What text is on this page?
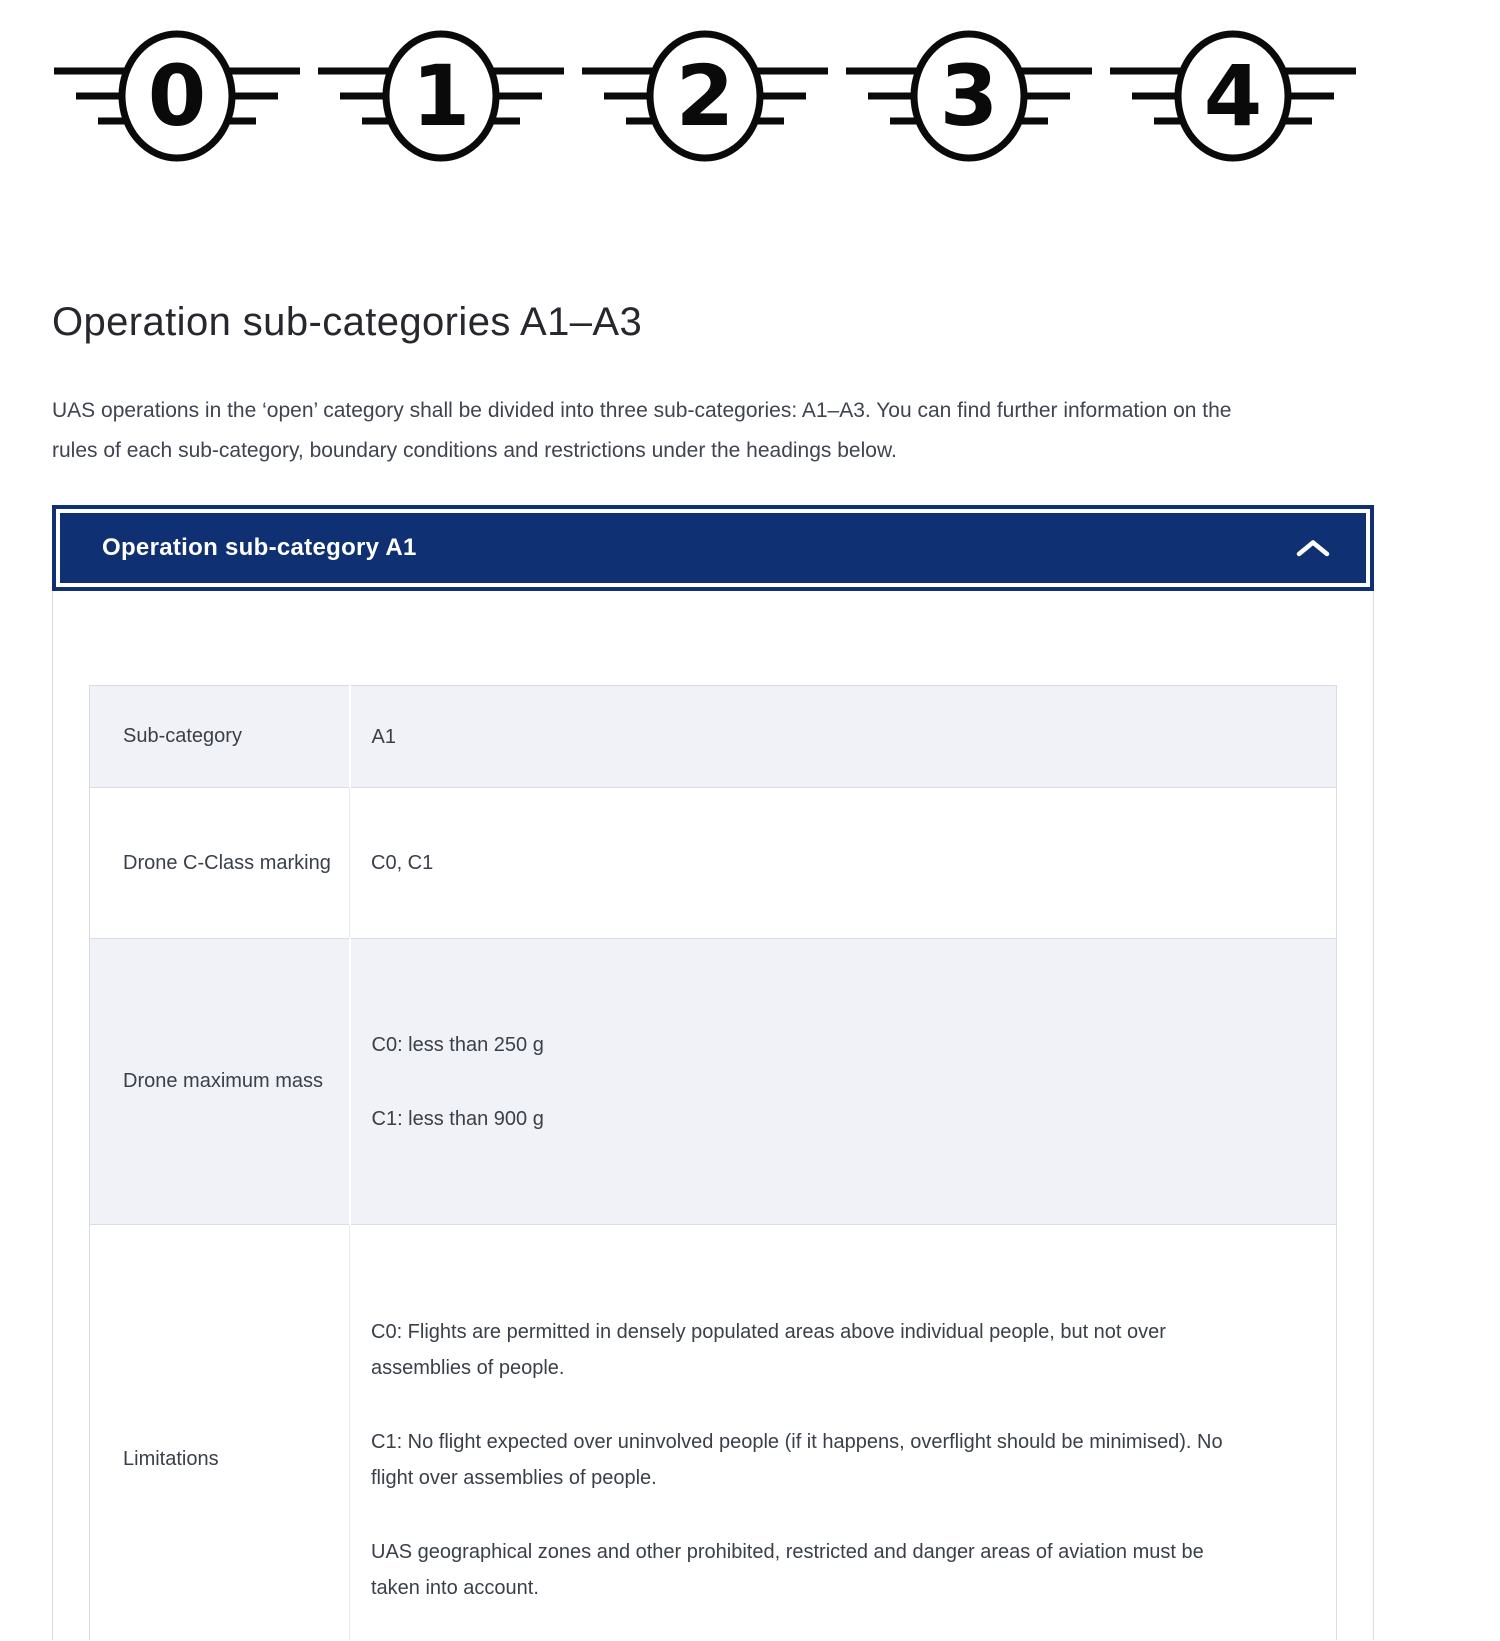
0 1 2 3 4
Operation sub-categories A1–A3

UAS operations in the ‘open’ category shall be divided into three sub-categories: A1–A3. You can find further information on the rules of each sub-category, boundary conditions and restrictions under the headings below.

Operation sub-category A1
Sub-category	A1

Drone C-Class marking	C0, C1

Drone maximum mass	C0: less than 250 g

C1: less than 900 g

Limitations	C0: Flights are permitted in densely populated areas above individual people, but not over assemblies of people.

C1: No flight expected over uninvolved people (if it happens, overflight should be minimised). No flight over assemblies of people.

UAS geographical zones and other prohibited, restricted and danger areas of aviation must be taken into account.
